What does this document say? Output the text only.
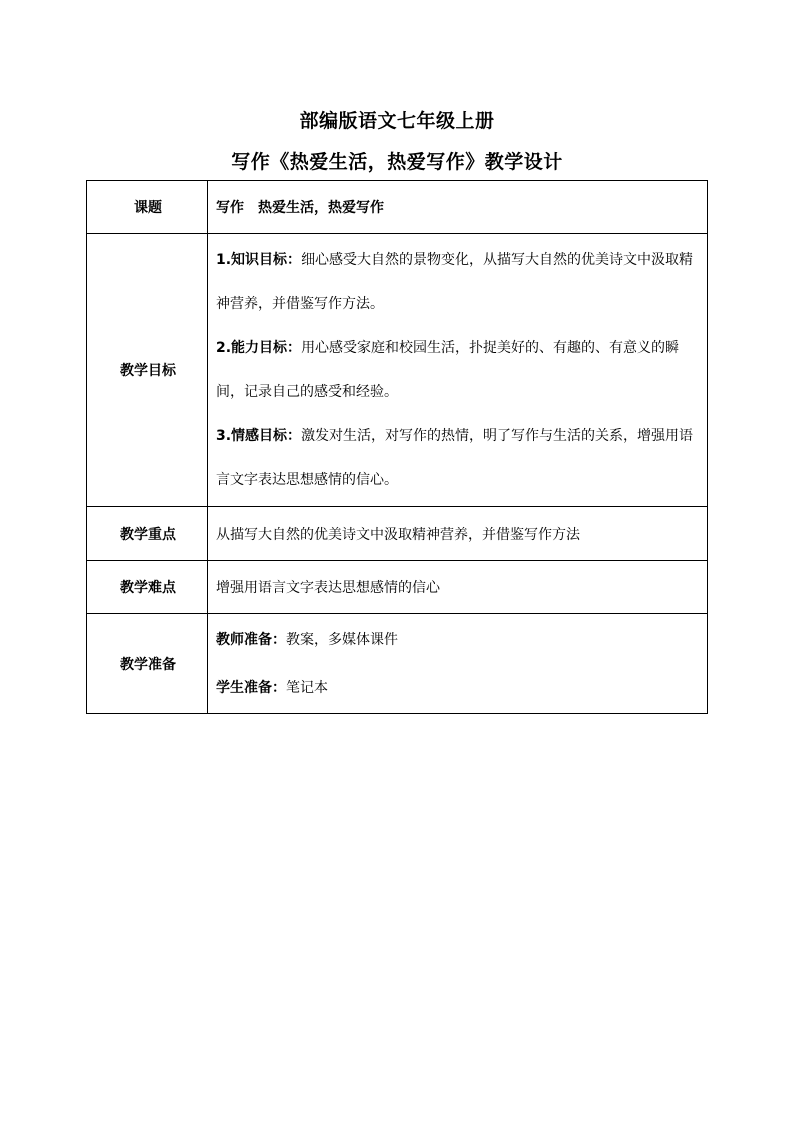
部编版语文七年级上册
写作《热爱生活，热爱写作》教学设计
课题	写作　热爱生活，热爱写作
教学目标	1.知识目标：细心感受大自然的景物变化，从描写大自然的优美诗文中汲取精神营养，并借鉴写作方法。

2.能力目标：用心感受家庭和校园生活，扑捉美好的、有趣的、有意义的瞬间，记录自己的感受和经验。

3.情感目标：激发对生活，对写作的热情，明了写作与生活的关系，增强用语言文字表达思想感情的信心。

教学重点	从描写大自然的优美诗文中汲取精神营养，并借鉴写作方法
教学难点	增强用语言文字表达思想感情的信心
教学准备	教师准备：教案，多媒体课件
学生准备：笔记本
